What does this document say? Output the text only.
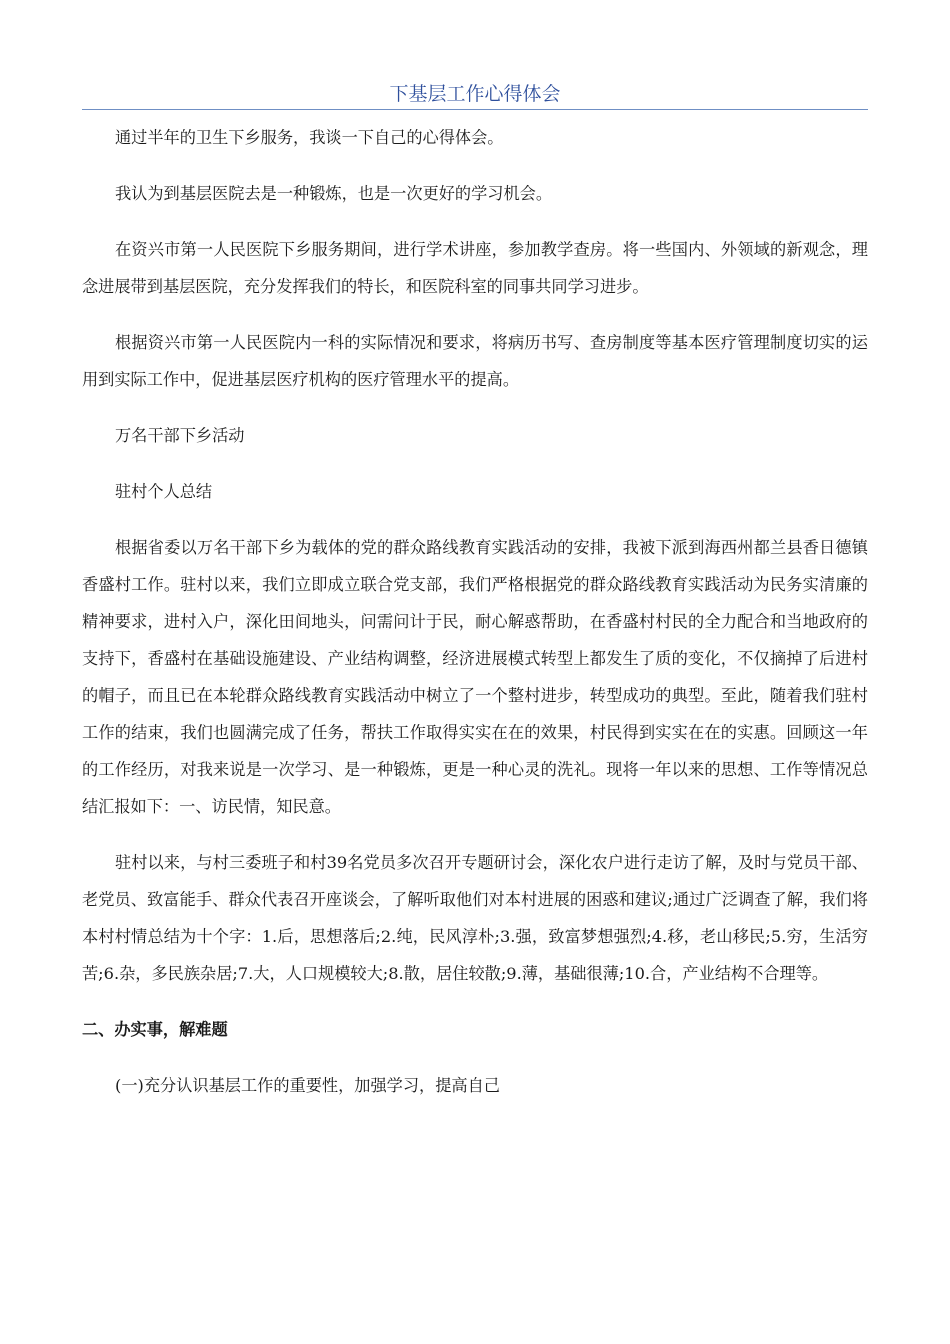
下基层工作心得体会

通过半年的卫生下乡服务，我谈一下自己的心得体会。

我认为到基层医院去是一种锻炼，也是一次更好的学习机会。

在资兴市第一人民医院下乡服务期间，进行学术讲座，参加教学查房。将一些国内、外领域的新观念，理念进展带到基层医院，充分发挥我们的特长，和医院科室的同事共同学习进步。

根据资兴市第一人民医院内一科的实际情况和要求，将病历书写、查房制度等基本医疗管理制度切实的运用到实际工作中，促进基层医疗机构的医疗管理水平的提高。

万名干部下乡活动

驻村个人总结

根据省委以万名干部下乡为载体的党的群众路线教育实践活动的安排，我被下派到海西州都兰县香日德镇香盛村工作。驻村以来，我们立即成立联合党支部，我们严格根据党的群众路线教育实践活动为民务实清廉的精神要求，进村入户，深化田间地头，问需问计于民，耐心解惑帮助，在香盛村村民的全力配合和当地政府的支持下，香盛村在基础设施建设、产业结构调整，经济进展模式转型上都发生了质的变化，不仅摘掉了后进村的帽子，而且已在本轮群众路线教育实践活动中树立了一个整村进步，转型成功的典型。至此，随着我们驻村工作的结束，我们也圆满完成了任务，帮扶工作取得实实在在的效果，村民得到实实在在的实惠。回顾这一年的工作经历，对我来说是一次学习、是一种锻炼，更是一种心灵的洗礼。现将一年以来的思想、工作等情况总结汇报如下：一、访民情，知民意。

驻村以来，与村三委班子和村39名党员多次召开专题研讨会，深化农户进行走访了解，及时与党员干部、老党员、致富能手、群众代表召开座谈会，了解听取他们对本村进展的困惑和建议;通过广泛调查了解，我们将本村村情总结为十个字：1.后，思想落后;2.纯，民风淳朴;3.强，致富梦想强烈;4.移，老山移民;5.穷，生活穷苦;6.杂，多民族杂居;7.大，人口规模较大;8.散，居住较散;9.薄，基础很薄;10.合，产业结构不合理等。

二、办实事，解难题

(一)充分认识基层工作的重要性，加强学习，提高自己
